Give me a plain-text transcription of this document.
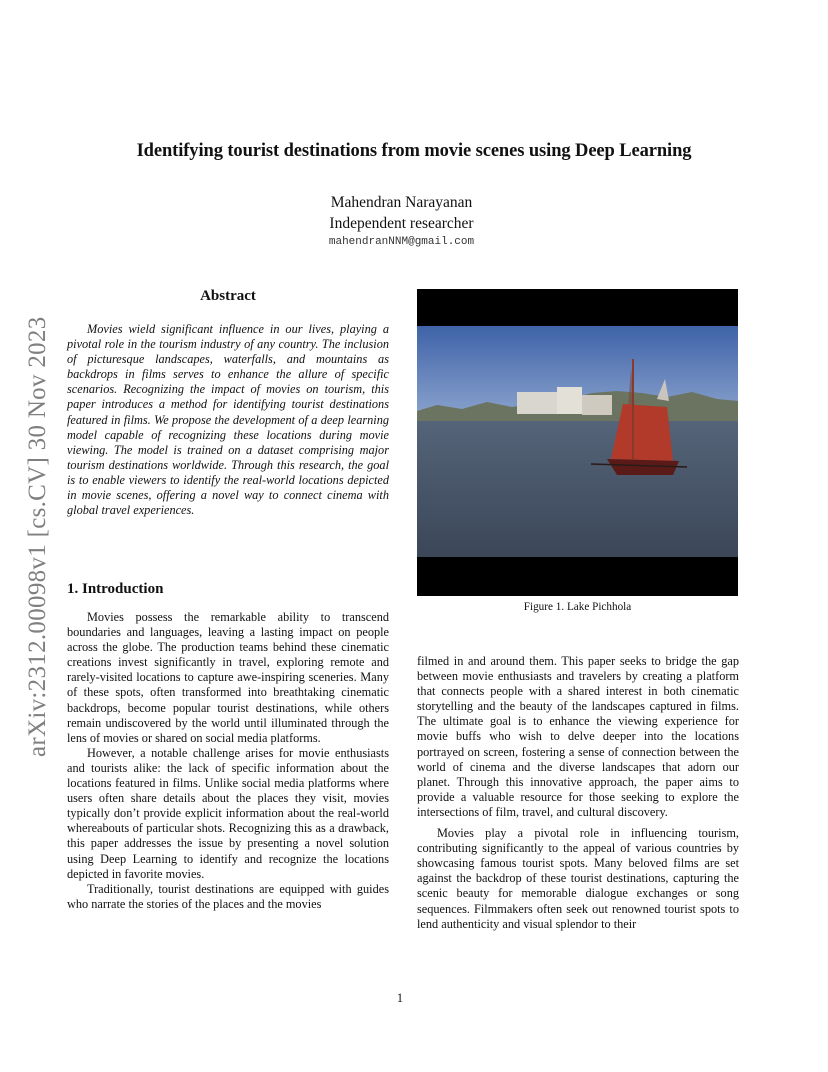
arXiv:2312.00098v1 [cs.CV] 30 Nov 2023
Identifying tourist destinations from movie scenes using Deep Learning
Mahendran Narayanan
Independent researcher
mahendranNNM@gmail.com
Abstract

Movies wield significant influence in our lives, playing a pivotal role in the tourism industry of any country. The inclusion of picturesque landscapes, waterfalls, and mountains as backdrops in films serves to enhance the allure of specific scenarios. Recognizing the impact of movies on tourism, this paper introduces a method for identifying tourist destinations featured in films. We propose the development of a deep learning model capable of recognizing these locations during movie viewing. The model is trained on a dataset comprising major tourism destinations worldwide. Through this research, the goal is to enable viewers to identify the real-world locations depicted in movie scenes, offering a novel way to connect cinema with global travel experiences.

1. Introduction

Movies possess the remarkable ability to transcend boundaries and languages, leaving a lasting impact on people across the globe. The production teams behind these cinematic creations invest significantly in travel, exploring remote and rarely-visited locations to capture awe-inspiring sceneries. Many of these spots, often transformed into breathtaking cinematic backdrops, become popular tourist destinations, while others remain undiscovered by the world until illuminated through the lens of movies or shared on social media platforms.

However, a notable challenge arises for movie enthusiasts and tourists alike: the lack of specific information about the locations featured in films. Unlike social media platforms where users often share details about the places they visit, movies typically don’t provide explicit information about the real-world whereabouts of particular shots. Recognizing this as a drawback, this paper addresses the issue by presenting a novel solution using Deep Learning to identify and recognize the locations depicted in favorite movies.

Traditionally, tourist destinations are equipped with guides who narrate the stories of the places and the movies

Figure 1. Lake Pichhola

filmed in and around them. This paper seeks to bridge the gap between movie enthusiasts and travelers by creating a platform that connects people with a shared interest in both cinematic storytelling and the beauty of the landscapes captured in films. The ultimate goal is to enhance the viewing experience for movie buffs who wish to delve deeper into the locations portrayed on screen, fostering a sense of connection between the world of cinema and the diverse landscapes that adorn our planet. Through this innovative approach, the paper aims to provide a valuable resource for those seeking to explore the intersections of film, travel, and cultural discovery.

Movies play a pivotal role in influencing tourism, contributing significantly to the appeal of various countries by showcasing famous tourist spots. Many beloved films are set against the backdrop of these tourist destinations, capturing the scenic beauty for memorable dialogue exchanges or song sequences. Filmmakers often seek out renowned tourist spots to lend authenticity and visual splendor to their

1
